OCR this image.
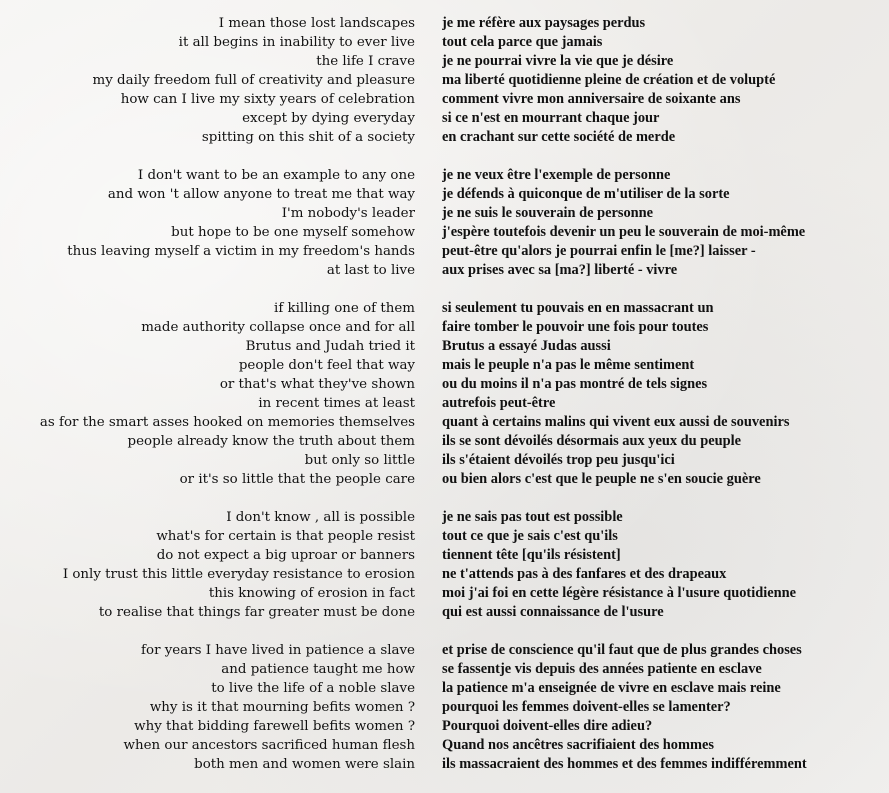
I mean those lost landscapes je me réfère aux paysages perdus
it all begins in inability to ever live tout cela parce que jamais
the life I crave je ne pourrai vivre la vie que je désire
my daily freedom full of creativity and pleasure ma liberté quotidienne pleine de création et de volupté
how can I live my sixty years of celebration comment vivre mon anniversaire de soixante ans
except by dying everyday si ce n'est en mourrant chaque jour
spitting on this shit of a society en crachant sur cette société de merde
I don't want to be an example to any one je ne veux être l'exemple de personne
and won 't allow anyone to treat me that way je défends à quiconque de m'utiliser de la sorte
I'm nobody's leader je ne suis le souverain de personne
but hope to be one myself somehow j'espère toutefois devenir un peu le souverain de moi-même
thus leaving myself a victim in my freedom's hands peut-être qu'alors je pourrai enfin le [me?] laisser -
at last to live aux prises avec sa [ma?] liberté - vivre
if killing one of them si seulement tu pouvais en en massacrant un
made authority collapse once and for all faire tomber le pouvoir une fois pour toutes
Brutus and Judah tried it Brutus a essayé Judas aussi
people don't feel that way mais le peuple n'a pas le même sentiment
or that's what they've shown ou du moins il n'a pas montré de tels signes
in recent times at least autrefois peut-être
as for the smart asses hooked on memories themselves quant à certains malins qui vivent eux aussi de souvenirs
people already know the truth about them ils se sont dévoilés désormais aux yeux du peuple
but only so little ils s'étaient dévoilés trop peu jusqu'ici
or it's so little that the people care ou bien alors c'est que le peuple ne s'en soucie guère
I don't know , all is possible je ne sais pas tout est possible
what's for certain is that people resist tout ce que je sais c'est qu'ils
do not expect a big uproar or banners tiennent tête [qu'ils résistent]
I only trust this little everyday resistance to erosion ne t'attends pas à des fanfares et des drapeaux
this knowing of erosion in fact moi j'ai foi en cette légère résistance à l'usure quotidienne
to realise that things far greater must be done qui est aussi connaissance de l'usure
for years I have lived in patience a slave et prise de conscience qu'il faut que de plus grandes choses
and patience taught me how se fassentje vis depuis des années patiente en esclave
to live the life of a noble slave la patience m'a enseignée de vivre en esclave mais reine
why is it that mourning befits women ? pourquoi les femmes doivent-elles se lamenter?
why that bidding farewell befits women ? Pourquoi doivent-elles dire adieu?
when our ancestors sacrificed human flesh Quand nos ancêtres sacrifiaient des hommes
both men and women were slain ils massacraient des hommes et des femmes indifféremment
